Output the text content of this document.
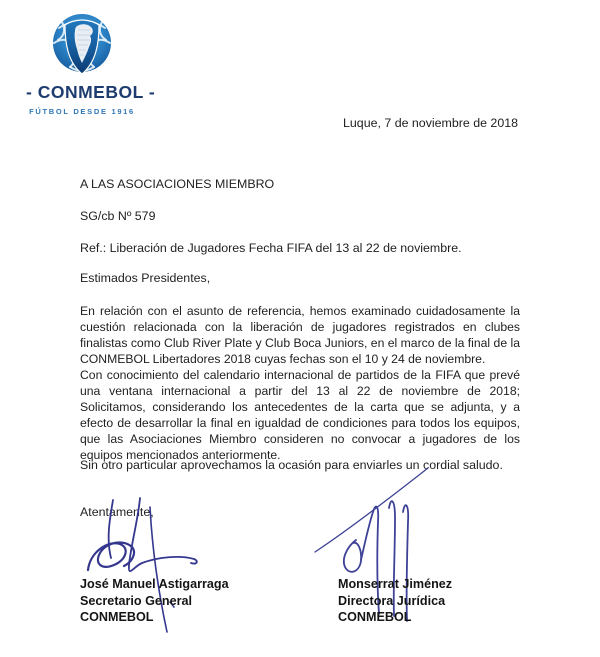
- CONMEBOL -
FÚTBOL DESDE 1916
Luque, 7 de noviembre de 2018
A LAS ASOCIACIONES MIEMBRO
SG/cb Nº 579
Ref.: Liberación de Jugadores Fecha FIFA del 13 al 22 de noviembre.
Estimados Presidentes,

En relación con el asunto de referencia, hemos examinado cuidadosamente la cuestión relacionada con la liberación de jugadores registrados en clubes finalistas como Club River Plate y Club Boca Juniors, en el marco de la final de la CONMEBOL Libertadores 2018 cuyas fechas son el 10 y 24 de noviembre.

Con conocimiento del calendario internacional de partidos de la FIFA que prevé una ventana internacional a partir del 13 al 22 de noviembre de 2018; Solicitamos, considerando los antecedentes de la carta que se adjunta, y a efecto de desarrollar la final en igualdad de condiciones para todos los equipos, que las Asociaciones Miembro consideren no convocar a jugadores de los equipos mencionados anteriormente.

Sin otro particular aprovechamos la ocasión para enviarles un cordial saludo.
Atentamente,
José Manuel Astigarraga
Secretario General
CONMEBOL
Monserrat Jiménez
Directora Jurídica
CONMEBOL
